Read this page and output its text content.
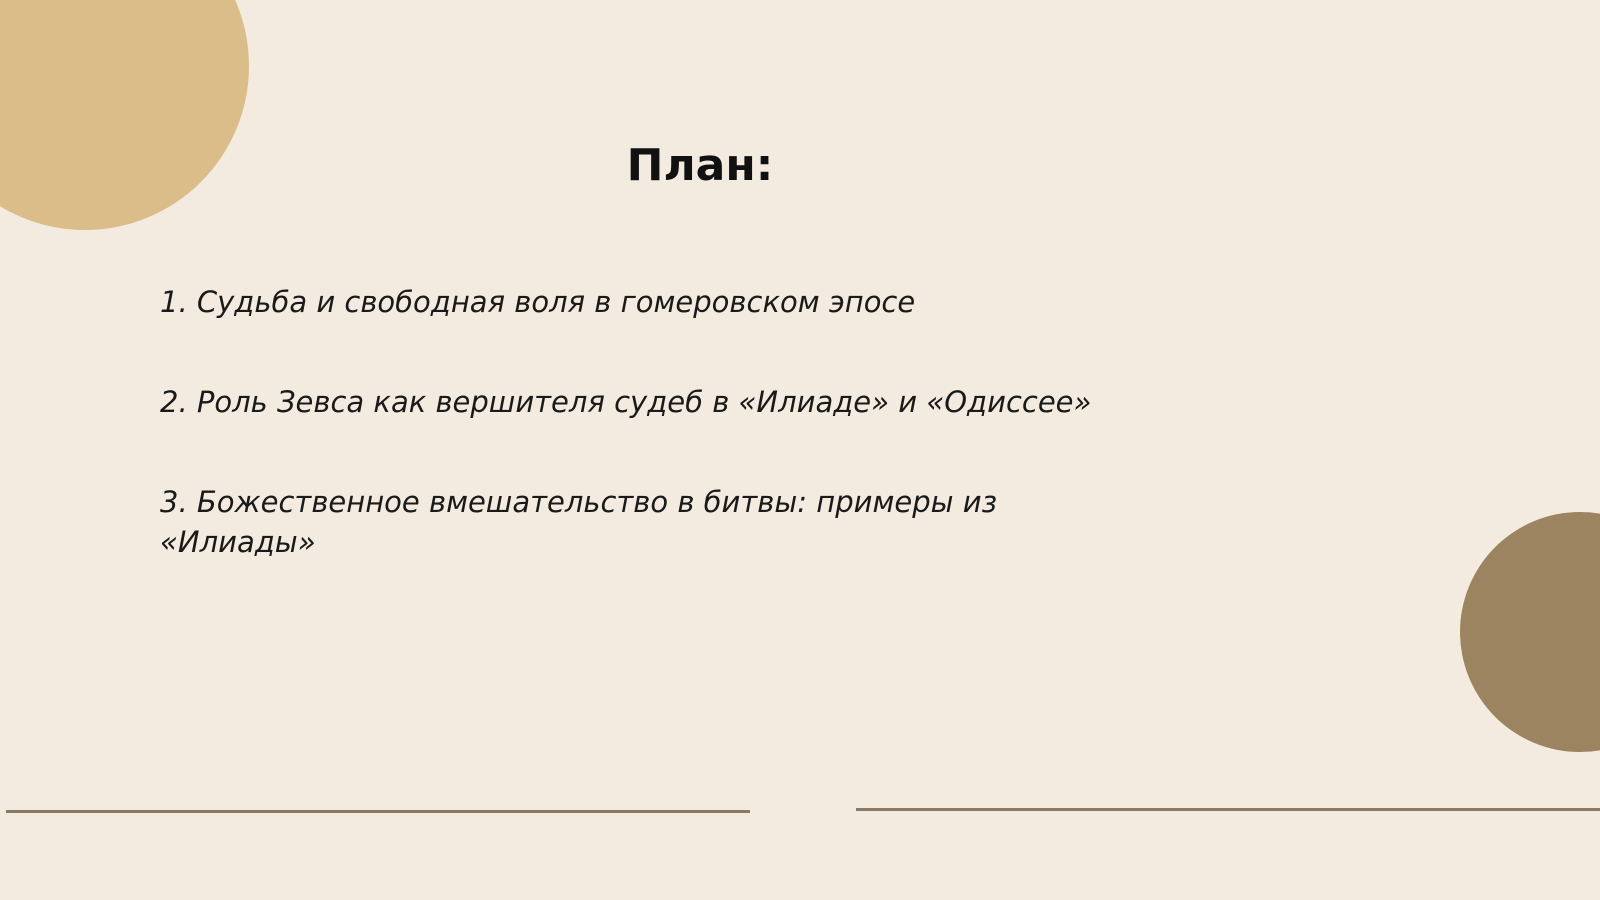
План:
1. Судьба и свободная воля в гомеровском эпосе
2. Роль Зевса как вершителя судеб в «Илиаде» и «Одиссее»
3. Божественное вмешательство в битвы: примеры из «Илиады»
